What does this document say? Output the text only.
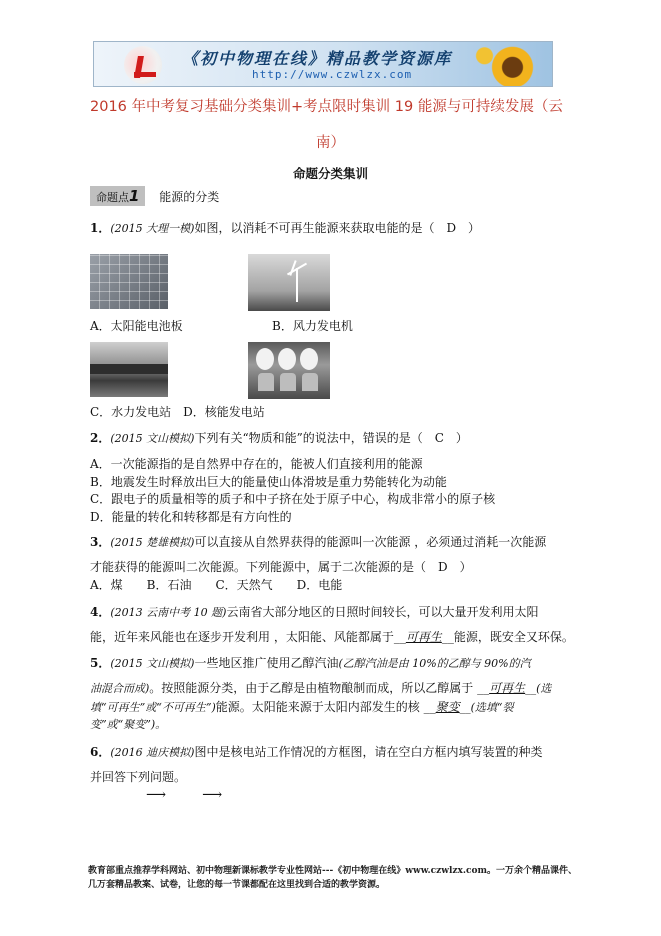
《初中物理在线》精品教学资源库
http://www.czwlzx.com
2016 年中考复习基础分类集训+考点限时集训 19 能源与可持续发展（云
南）
命题分类集训
命题点1 能源的分类
1．(2015 大理一模)如图，以消耗不可再生能源来获取电能的是（　D　）
A．太阳能电池板	B．风力发电机
C．水力发电站　D．核能发电站
2．(2015 文山模拟)下列有关“物质和能”的说法中，错误的是（　C　）
A．一次能源指的是自然界中存在的，能被人们直接利用的能源
B．地震发生时释放出巨大的能量使山体滑坡是重力势能转化为动能
C．跟电子的质量相等的质子和中子挤在处于原子中心，构成非常小的原子核
D．能量的转化和转移都是有方向性的
3．(2015 楚雄模拟)可以直接从自然界获得的能源叫一次能源 ，必须通过消耗一次能源
才能获得的能源叫二次能源。下列能源中，属于二次能源的是（　D　）
A．煤　　B．石油　　C．天然气　　D．电能
4．(2013 云南中考 10 题)云南省大部分地区的日照时间较长，可以大量开发利用太阳
能，近年来风能也在逐步开发利用 ，太阳能、风能都属于__可再生__能源，既安全又环保。
5．(2015 文山模拟)一些地区推广使用乙醇汽油(乙醇汽油是由 10%的乙醇与 90%的汽
油混合而成)。按照能源分类，由于乙醇是由植物酿制而成，所以乙醇属于 __可再生__(选
填“可再生”或“不可再生”)能源。太阳能来源于太阳内部发生的核 __聚变__(选填“裂
变”或“聚变”)。
6．(2016 迪庆模拟)图中是核电站工作情况的方框图，请在空白方框内填写装置的种类
并回答下列问题。
⟶	⟶
教育部重点推荐学科网站、初中物理新课标教学专业性网站---《初中物理在线》www.czwlzx.com。一万余个精品课件、
几万套精品教案、试卷，让您的每一节课都配在这里找到合适的教学资源。
